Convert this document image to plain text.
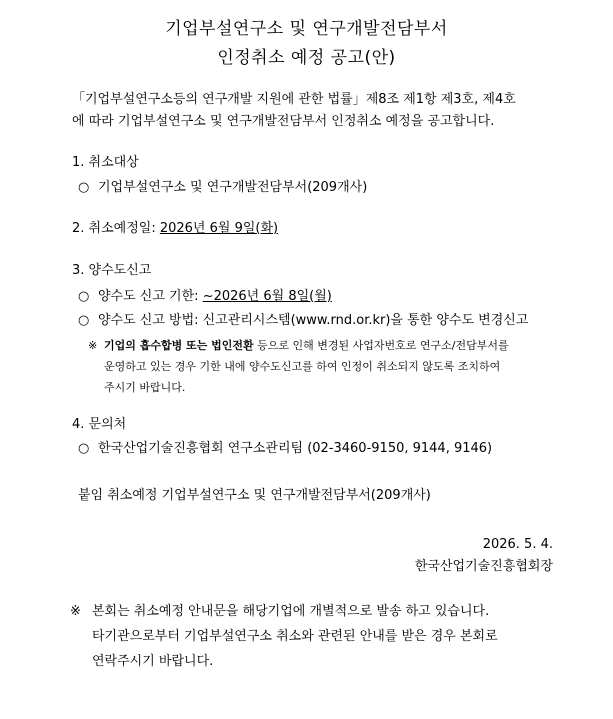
기업부설연구소 및 연구개발전담부서
인정취소 예정 공고(안)
「기업부설연구소등의 연구개발 지원에 관한 법률」제8조 제1항 제3호, 제4호
에 따라 기업부설연구소 및 연구개발전담부서 인정취소 예정을 공고합니다.
1. 취소대상
○ 기업부설연구소 및 연구개발전담부서(209개사)
2. 취소예정일: 2026년 6월 9일(화)
3. 양수도신고
○ 양수도 신고 기한: ~2026년 6월 8일(월)
○ 양수도 신고 방법: 신고관리시스템(www.rnd.or.kr)을 통한 양수도 변경신고
※ 기업의 흡수합병 또는 법인전환 등으로 인해 변경된 사업자번호로 연구소/전담부서를
운영하고 있는 경우 기한 내에 양수도신고를 하여 인정이 취소되지 않도록 조치하여
주시기 바랍니다.
4. 문의처
○ 한국산업기술진흥협회 연구소관리팀 (02-3460-9150, 9144, 9146)
붙임 취소예정 기업부설연구소 및 연구개발전담부서(209개사)
2026. 5. 4.
한국산업기술진흥협회장
※ 본회는 취소예정 안내문을 해당기업에 개별적으로 발송 하고 있습니다.
타기관으로부터 기업부설연구소 취소와 관련된 안내를 받은 경우 본회로
연락주시기 바랍니다.
